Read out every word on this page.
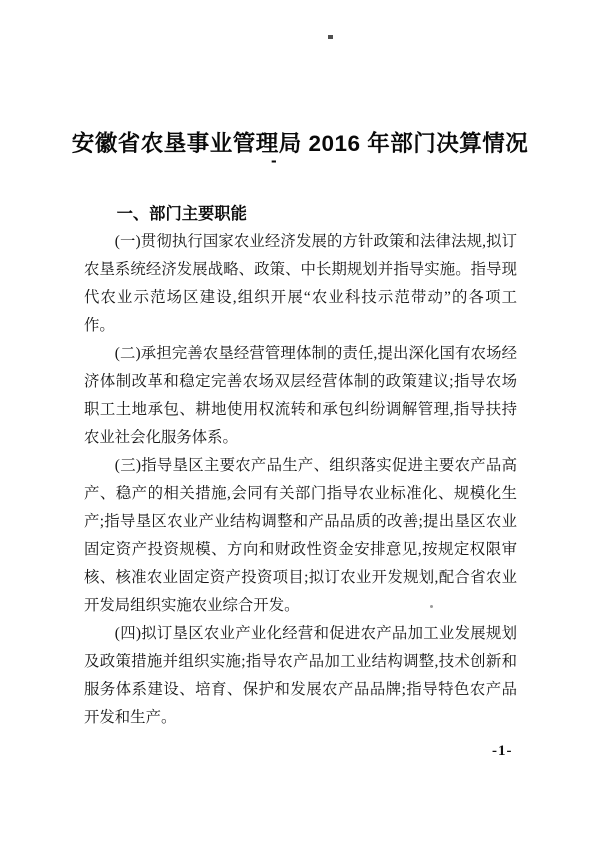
安徽省农垦事业管理局 2016 年部门决算情况
-
一、部门主要职能

(一)贯彻执行国家农业经济发展的方针政策和法律法规,拟订农垦系统经济发展战略、政策、中长期规划并指导实施。指导现代农业示范场区建设,组织开展“农业科技示范带动”的各项工作。

(二)承担完善农垦经营管理体制的责任,提出深化国有农场经济体制改革和稳定完善农场双层经营体制的政策建议;指导农场职工土地承包、耕地使用权流转和承包纠纷调解管理,指导扶持农业社会化服务体系。

(三)指导垦区主要农产品生产、组织落实促进主要农产品高产、稳产的相关措施,会同有关部门指导农业标准化、规模化生产;指导垦区农业产业结构调整和产品品质的改善;提出垦区农业固定资产投资规模、方向和财政性资金安排意见,按规定权限审核、核准农业固定资产投资项目;拟订农业开发规划,配合省农业开发局组织实施农业综合开发。

(四)拟订垦区农业产业化经营和促进农产品加工业发展规划及政策措施并组织实施;指导农产品加工业结构调整,技术创新和服务体系建设、培育、保护和发展农产品品牌;指导特色农产品开发和生产。

-1-
